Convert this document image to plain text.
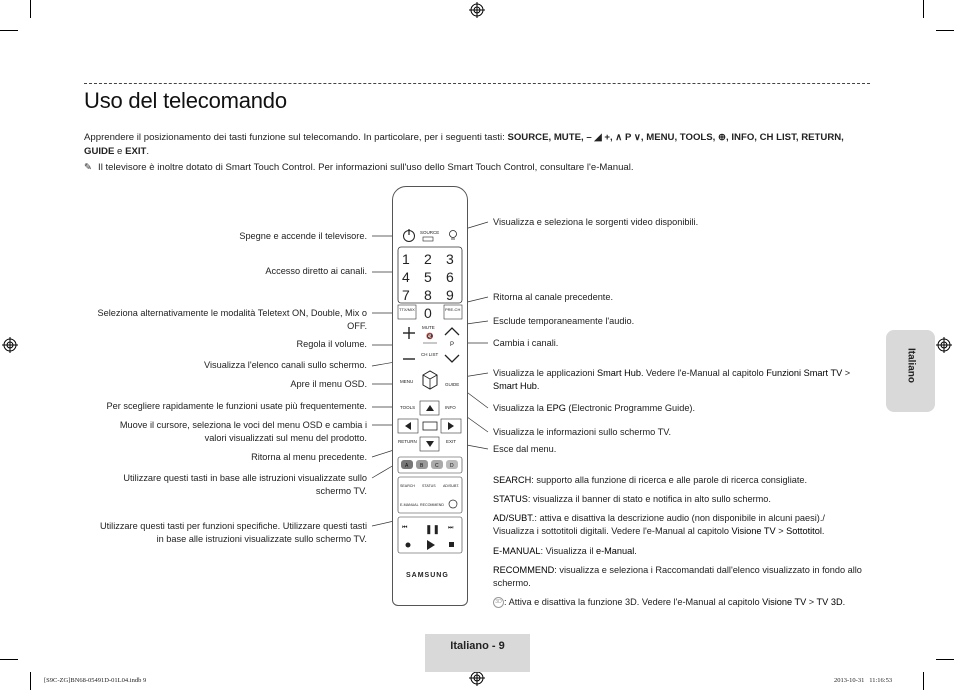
Uso del telecomando
Apprendere il posizionamento dei tasti funzione sul telecomando. In particolare, per i seguenti tasti: SOURCE, MUTE, – ◢ +, ∧ P ∨, MENU, TOOLS, ⊕, INFO, CH LIST, RETURN,
GUIDE e EXIT.
✎ Il televisore è inoltre dotato di Smart Touch Control. Per informazioni sull'uso dello Smart Touch Control, consultare l'e-Manual.
Spegne e accende il televisore.
Accesso diretto ai canali.
Seleziona alternativamente le modalità Teletext ON, Double, Mix o OFF.
Regola il volume.
Visualizza l'elenco canali sullo schermo.
Apre il menu OSD.
Per scegliere rapidamente le funzioni usate più frequentemente.
Muove il cursore, seleziona le voci del menu OSD e cambia i valori visualizzati sul menu del prodotto.
Ritorna al menu precedente.
Utilizzare questi tasti in base alle istruzioni visualizzate sullo schermo TV.
Utilizzare questi tasti per funzioni specifiche. Utilizzare questi tasti in base alle istruzioni visualizzate sullo schermo TV.
Visualizza e seleziona le sorgenti video disponibili.
Ritorna al canale precedente.
Esclude temporaneamente l'audio.
Cambia i canali.
Visualizza le applicazioni Smart Hub. Vedere l'e-Manual al capitolo Funzioni Smart TV > Smart Hub.
Visualizza la EPG (Electronic Programme Guide).
Visualizza le informazioni sullo schermo TV.
Esce dal menu.
SEARCH: supporto alla funzione di ricerca e alle parole di ricerca consigliate.
STATUS: visualizza il banner di stato e notifica in alto sullo schermo.
AD/SUBT.: attiva e disattiva la descrizione audio (non disponibile in alcuni paesi)./
Visualizza i sottotitoli digitali. Vedere l'e-Manual al capitolo Visione TV > Sottotitol.
E-MANUAL: Visualizza il e-Manual.
RECOMMEND: visualizza e seleziona i Raccomandati dall'elenco visualizzato in fondo allo schermo.
3D : Attiva e disattiva la funzione 3D. Vedere l'e-Manual al capitolo Visione TV > TV 3D.
SOURCE
1 2 3
4 5 6
7 8 9
TTX/MIX 0	PRE-CH
MUTE
🔇
CH LIST
P
MENU
GUIDE
TOOLS	INFO
RETURN	EXIT
A B C D
SEARCH STATUS AD/SUBT.
E-MANUAL RECOMMEND
⏮ ❚❚ ⏭
SAMSUNG
Italiano
Italiano - 9
[S9C-ZG]BN68-05491D-01L04.indb 9	2013-10-31   11:16:53
